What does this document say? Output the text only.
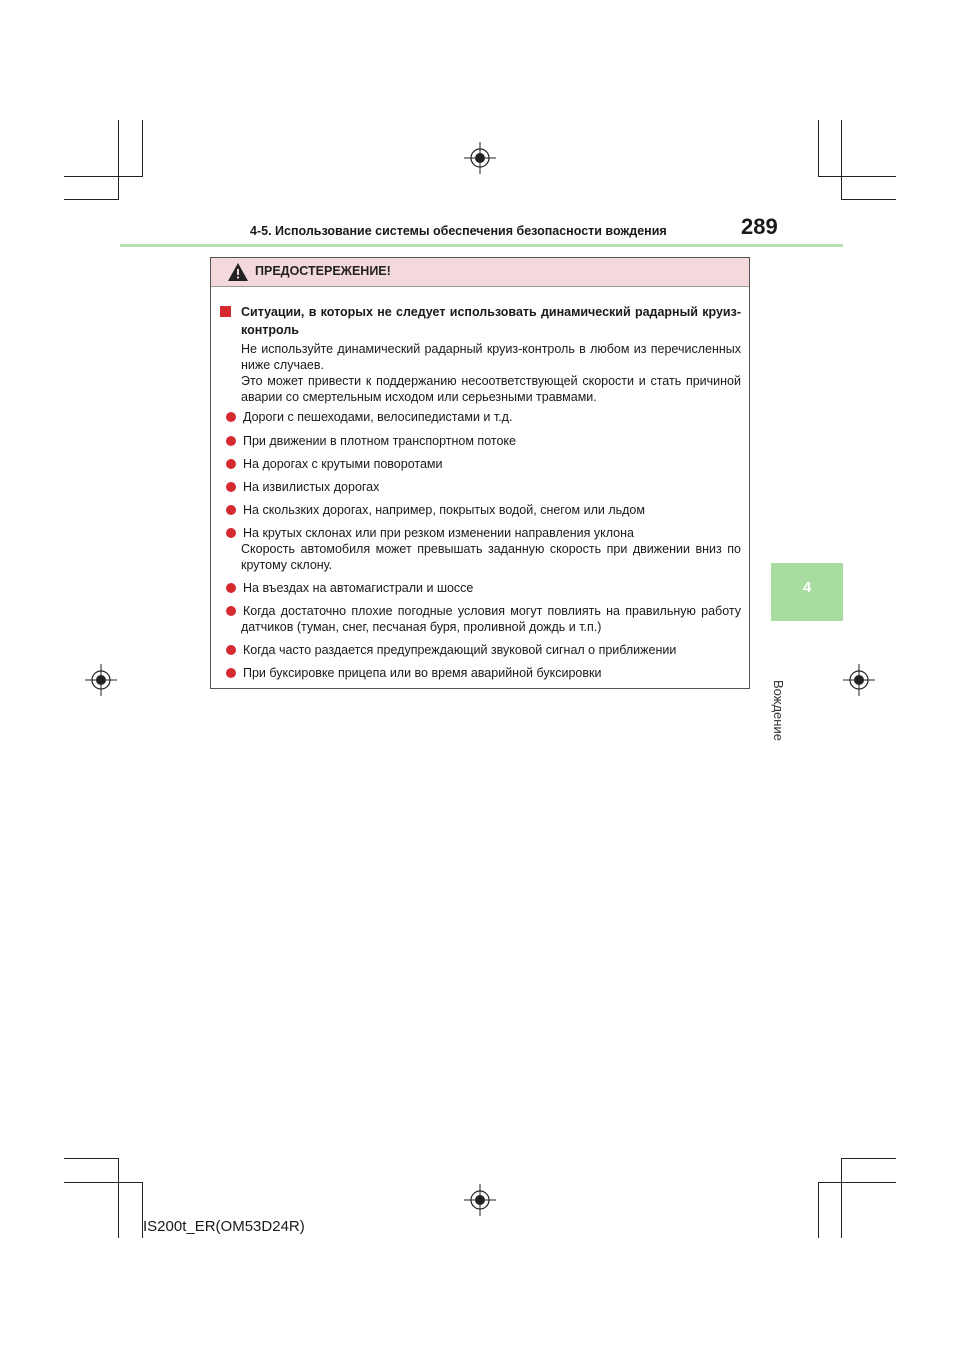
4-5. Использование системы обеспечения безопасности вождения	289
4
Вождение
ПРЕДОСТЕРЕЖЕНИЕ!
Ситуации, в которых не следует использовать динамический радарный круиз-контроль
Не используйте динамический радарный круиз-контроль в любом из перечисленных ниже случаев.
Это может привести к поддержанию несоответствующей скорости и стать причиной аварии со смертельным исходом или серьезными травмами.
Дороги с пешеходами, велосипедистами и т.д.
При движении в плотном транспортном потоке
На дорогах с крутыми поворотами
На извилистых дорогах
На скользких дорогах, например, покрытых водой, снегом или льдом
На крутых склонах или при резком изменении направления уклона
Скорость автомобиля может превышать заданную скорость при движении вниз по крутому склону.
На въездах на автомагистрали и шоссе
Когда достаточно плохие погодные условия могут повлиять на правильную работу датчиков (туман, снег, песчаная буря, проливной дождь и т.п.)
Когда часто раздается предупреждающий звуковой сигнал о приближении
При буксировке прицепа или во время аварийной буксировки
IS200t_ER(OM53D24R)
